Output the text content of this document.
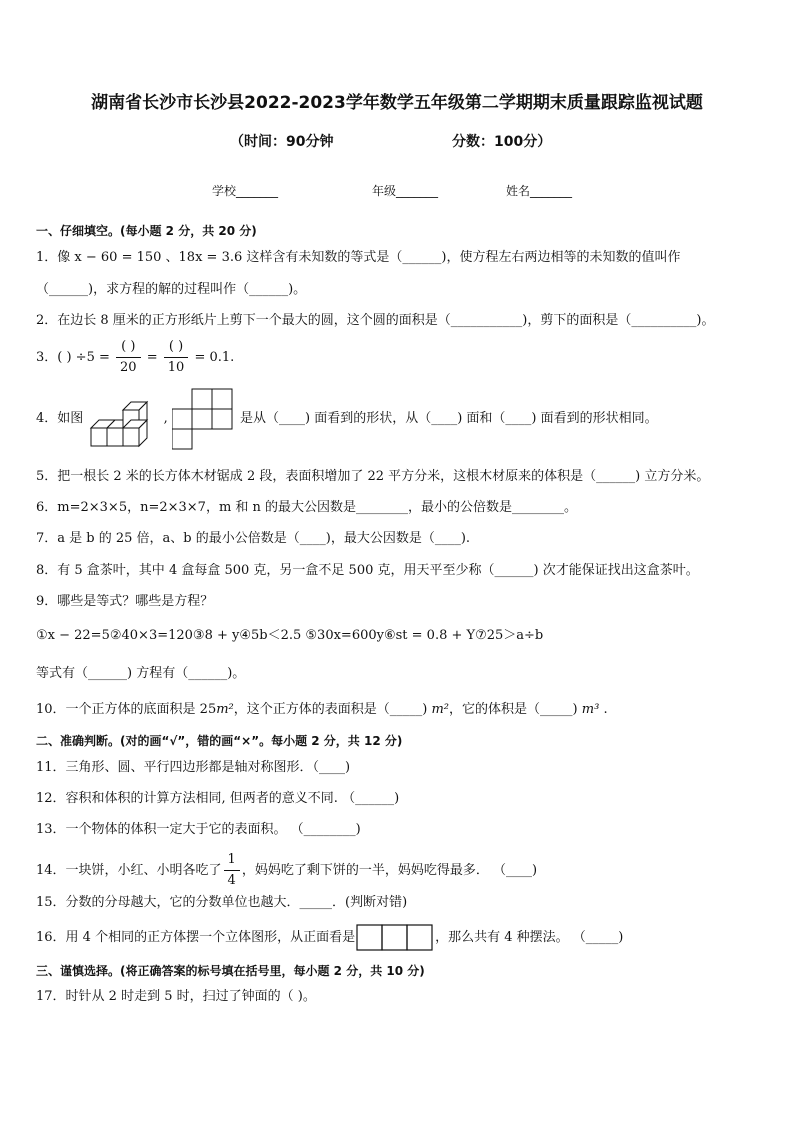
湖南省长沙市长沙县2022-2023学年数学五年级第二学期期末质量跟踪监视试题
（时间：90分钟	分数：100分）
学校_______	年级_______	姓名_______
一、仔细填空。(每小题 2 分，共 20 分)
1．像 x − 60 = 150 、18x = 3.6 这样含有未知数的等式是（______)，使方程左右两边相等的未知数的值叫作
（______)，求方程的解的过程叫作（______)。
2．在边长 8 厘米的正方形纸片上剪下一个最大的圆，这个圆的面积是（___________)，剪下的面积是（__________)。
3．( ) $\div 5 = \frac{( )}{20} = \frac{( )}{10} = 0.1$.
4．如图	,	是从（____) 面看到的形状，从（____) 面和（____) 面看到的形状相同。
5．把一根长 2 米的长方体木材锯成 2 段，表面积增加了 22 平方分米，这根木材原来的体积是（______) 立方分米。
6．m=2×3×5，n=2×3×7，m 和 n 的最大公因数是________，最小的公倍数是________。
7．a 是 b 的 25 倍，a、b 的最小公倍数是（____)，最大公因数是（____).
8．有 5 盒茶叶，其中 4 盒每盒 500 克，另一盒不足 500 克，用天平至少称（______) 次才能保证找出这盒茶叶。
9．哪些是等式？哪些是方程？
①x − 22=5②40×3=120③8 + y④5b＜2.5 ⑤30x=600y⑥st = 0.8 + Y⑦25＞a÷b
等式有（______) 方程有（______)。
10．一个正方体的底面积是 25m²，这个正方体的表面积是（_____) m²，它的体积是（_____) m³ .
二、准确判断。(对的画“√”，错的画“×”。每小题 2 分，共 12 分)
11．三角形、圆、平行四边形都是轴对称图形．（____)
12．容积和体积的计算方法相同, 但两者的意义不同. （______)
13．一个物体的体积一定大于它的表面积。 （________)
14．一块饼，小红、小明各吃了 $\frac{1}{4}$ ，妈妈吃了剩下饼的一半，妈妈吃得最多． （____)
15．分数的分母越大，它的分数单位也越大．_____．(判断对错)
16．用 4 个相同的正方体摆一个立体图形，从正面看是	，那么共有 4 种摆法。 （_____)
三、谨慎选择。(将正确答案的标号填在括号里，每小题 2 分，共 10 分)
17．时针从 2 时走到 5 时，扫过了钟面的（ )。
